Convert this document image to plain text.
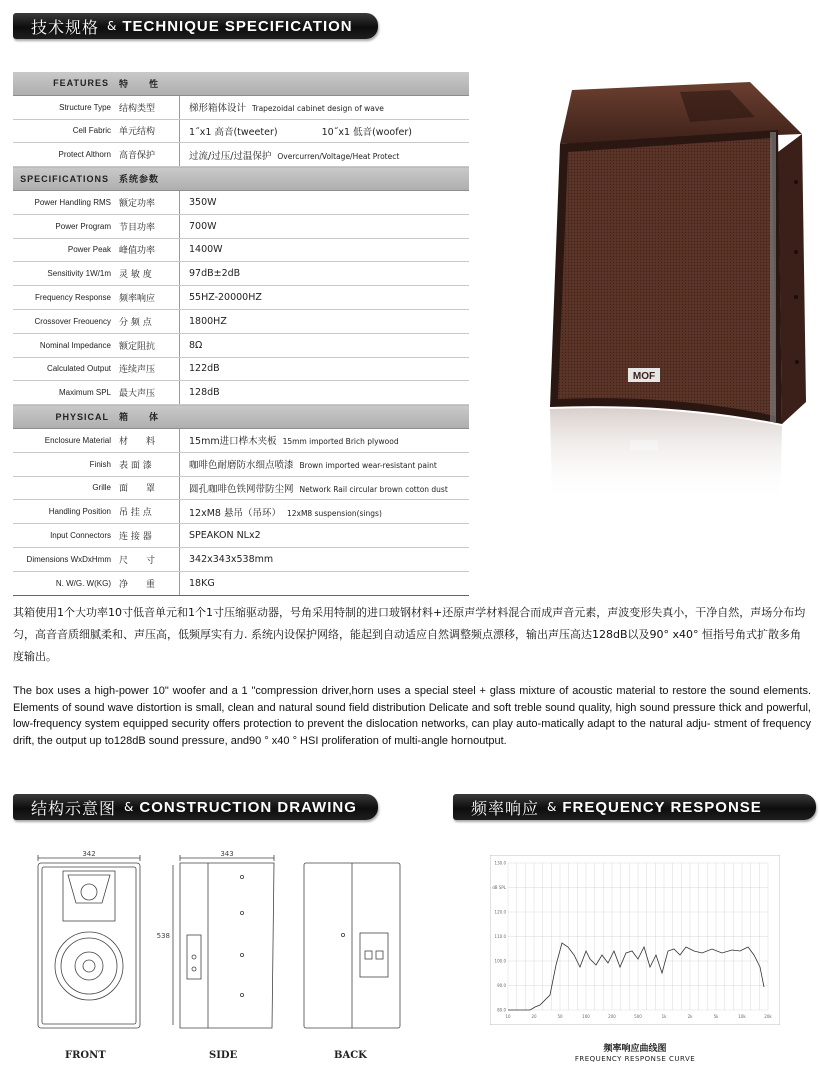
技术规格 & TECHNIQUE SPECIFICATION
FEATURES	特　　性	
Structure Type	结构类型	梯形箱体设计 Trapezoidal cabinet design of wave
Cell Fabric	单元结构	1˝x1 高音(tweeter) 10˝x1 低音(woofer)
Protect Althorn	高音保护	过流/过压/过温保护 Overcurren/Voltage/Heat Protect
SPECIFICATIONS	系统参数	
Power Handling RMS	额定功率	350W
Power Program	节目功率	700W
Power Peak	峰值功率	1400W
Sensitivity 1W/1m	灵 敏 度	97dB±2dB
Frequency Response	频率响应	55HZ-20000HZ
Crossover Freouency	分 频 点	1800HZ
Nominal Impedance	额定阻抗	8Ω
Calculated Output	连续声压	122dB
Maximum SPL	最大声压	128dB
PHYSICAL	箱　　体	
Enclosure Material	材　　料	15mm进口桦木夹板 15mm imported Brich plywood
Finish	表 面 漆	咖啡色耐磨防水细点喷漆 Brown imported wear-resistant paint
Grille	面　　罩	圆孔咖啡色铁网带防尘网 Network Rail circular brown cotton dust
Handling Position	吊 挂 点	12xM8 悬吊（吊环） 12xM8 suspension(sings)
Input Connectors	连 接 器	SPEAKON NLx2
Dimensions WxDxHmm	尺　　寸	342x343x538mm
N. W/G. W(KG)	净　　重	18KG
MOF
其箱使用1个大功率10寸低音单元和1个1寸压缩驱动器，号角采用特制的进口玻钢材料+还原声学材料混合而成声音元素，声波变形失真小，干净自然，声场分布均匀，高音音质细腻柔和、声压高，低频厚实有力. 系统内设保护网络，能起到自动适应自然调整频点漂移，输出声压高达128dB以及90° x40° 恒指号角式扩散多角度输出。
The box uses a high-power 10" woofer and a 1 "compression driver,horn uses a special steel + glass mixture of acoustic material to restore the sound elements. Elements of sound wave distortion is small, clean and natural sound field distribution Delicate and soft treble sound quality, high sound pressure thick and powerful, low-frequency system equipped security offers protection to prevent the dislocation networks, can play auto-matically adapt to the natural adju- stment of frequency drift, the output up to128dB sound pressure, and90 ° x40 ° HSI proliferation of multi-angle hornoutput.
结构示意图 & CONSTRUCTION DRAWING	频率响应 & FREQUENCY RESPONSE
342	343
538
FRONT	SIDE	BACK
130.0
dB SPL
120.0
110.0
100.0
90.0
80.0
10	20	50	100	200	500	1k	2k	5k	10k	20k
频率响应曲线图
FREQUENCY RESPONSE CURVE
